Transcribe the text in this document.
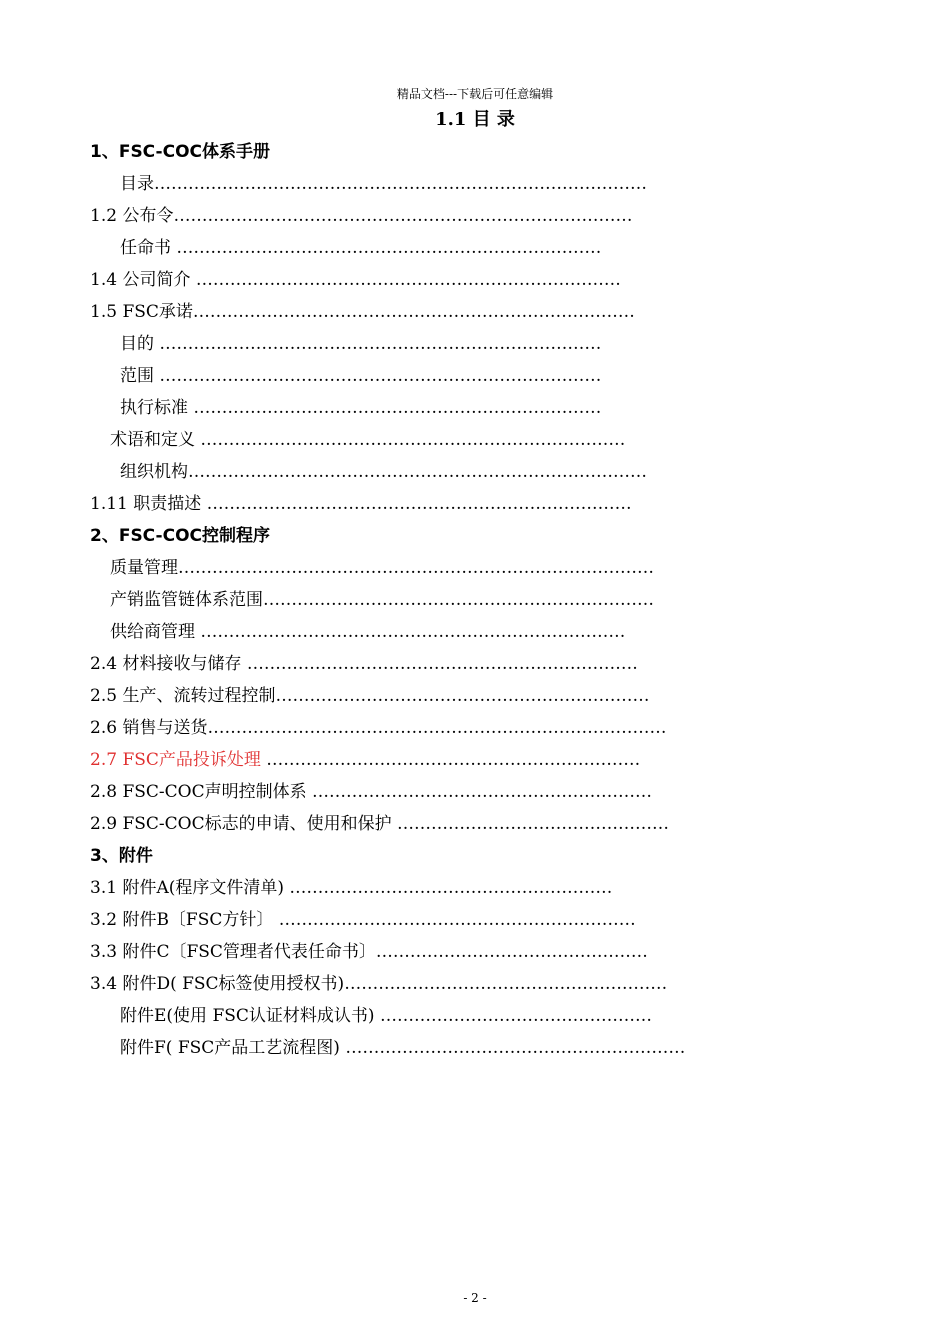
精品文档---下载后可任意编辑
1.1 目 录
1、FSC-COC体系手册
目录……………………………………………………………………………
1.2 公布令………………………………………………………………………
任命书 …………………………………………………………………
1.4 公司简介 …………………………………………………………………
1.5 FSC承诺……………………………………………………………………
目的 ……………………………………………………………………
范围 ……………………………………………………………………
执行标准 ………………………………………………………………
术语和定义 …………………………………………………………………
组织机构………………………………………………………………………
1.11 职责描述 …………………………………………………………………
2、FSC-COC控制程序
质量管理…………………………………………………………………………
产销监管链体系范围……………………………………………………………
供给商管理 …………………………………………………………………
2.4 材料接收与储存 ……………………………………………………………
2.5 生产、流转过程控制…………………………………………………………
2.6 销售与送货………………………………………………………………………
2.7 FSC产品投诉处理 …………………………………………………………
2.8 FSC-COC声明控制体系 ……………………………………………………
2.9 FSC-COC标志的申请、使用和保护 …………………………………………
3、附件
3.1 附件A(程序文件清单) …………………………………………………
3.2 附件B〔FSC方针〕 ………………………………………………………
3.3 附件C〔FSC管理者代表任命书〕…………………………………………
3.4 附件D( FSC标签使用授权书)…………………………………………………
附件E(使用 FSC认证材料成认书) …………………………………………
附件F( FSC产品工艺流程图) ……………………………………………………
- 2 -
